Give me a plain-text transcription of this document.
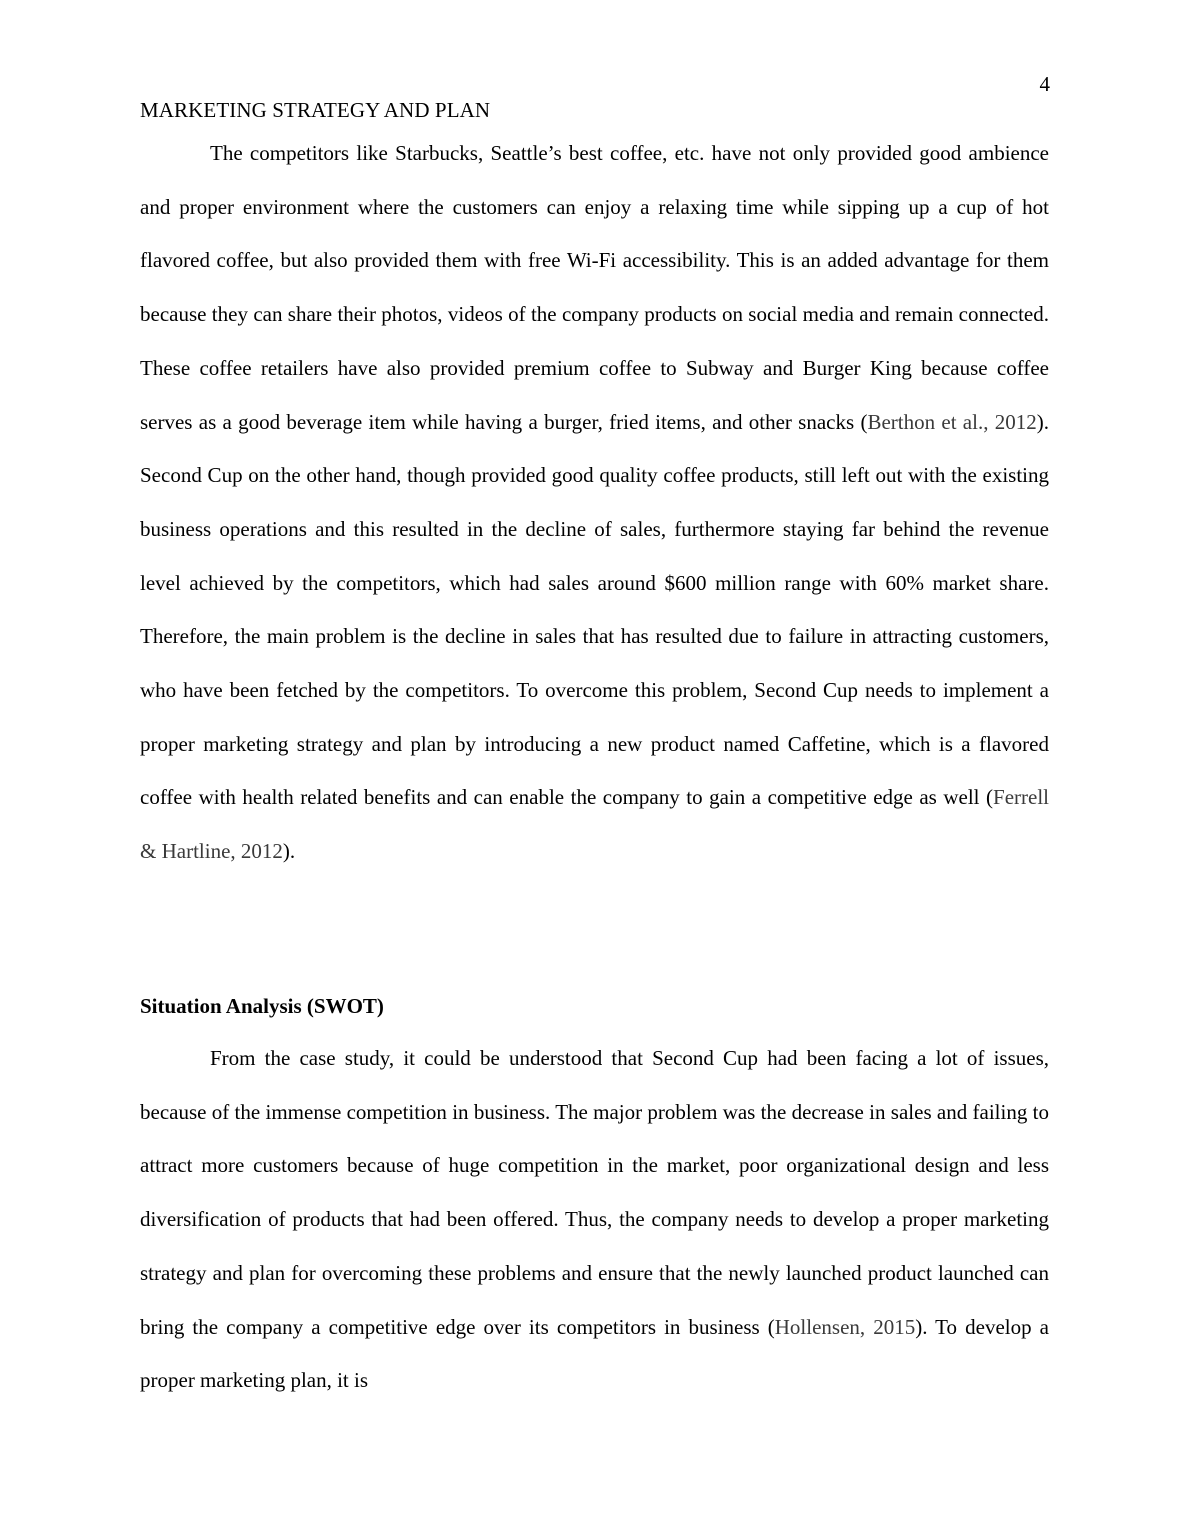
4
MARKETING STRATEGY AND PLAN

The competitors like Starbucks, Seattle’s best coffee, etc. have not only provided good ambience and proper environment where the customers can enjoy a relaxing time while sipping up a cup of hot flavored coffee, but also provided them with free Wi-Fi accessibility. This is an added advantage for them because they can share their photos, videos of the company products on social media and remain connected. These coffee retailers have also provided premium coffee to Subway and Burger King because coffee serves as a good beverage item while having a burger, fried items, and other snacks (Berthon et al., 2012). Second Cup on the other hand, though provided good quality coffee products, still left out with the existing business operations and this resulted in the decline of sales, furthermore staying far behind the revenue level achieved by the competitors, which had sales around $600 million range with 60% market share. Therefore, the main problem is the decline in sales that has resulted due to failure in attracting customers, who have been fetched by the competitors. To overcome this problem, Second Cup needs to implement a proper marketing strategy and plan by introducing a new product named Caffetine, which is a flavored coffee with health related benefits and can enable the company to gain a competitive edge as well (Ferrell & Hartline, 2012).

Situation Analysis (SWOT)

From the case study, it could be understood that Second Cup had been facing a lot of issues, because of the immense competition in business. The major problem was the decrease in sales and failing to attract more customers because of huge competition in the market, poor organizational design and less diversification of products that had been offered. Thus, the company needs to develop a proper marketing strategy and plan for overcoming these problems and ensure that the newly launched product launched can bring the company a competitive edge over its competitors in business (Hollensen, 2015). To develop a proper marketing plan, it is
